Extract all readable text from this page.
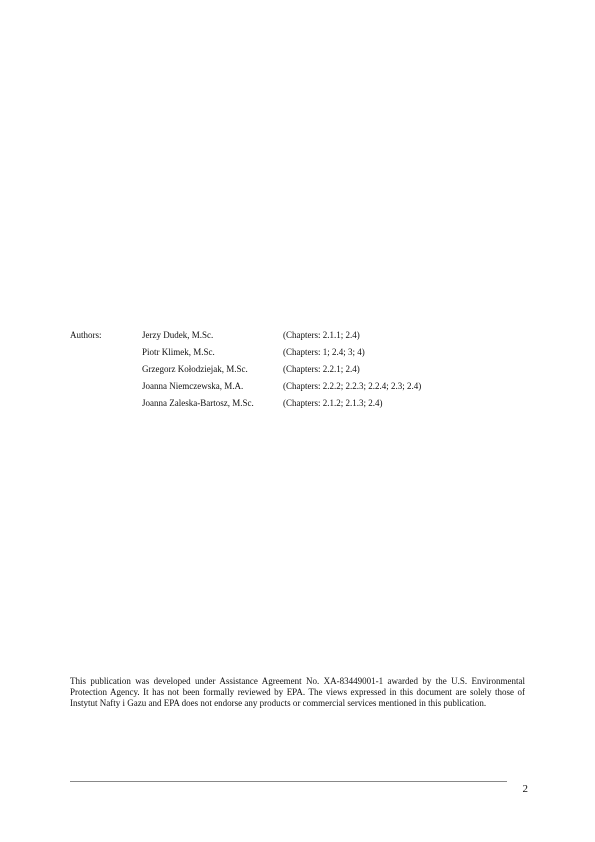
Authors:	Jerzy Dudek, M.Sc.	(Chapters: 2.1.1; 2.4)
Piotr Klimek, M.Sc.	(Chapters: 1; 2.4; 3; 4)
Grzegorz Kołodziejak, M.Sc.	(Chapters: 2.2.1; 2.4)
Joanna Niemczewska, M.A.	(Chapters: 2.2.2; 2.2.3; 2.2.4; 2.3; 2.4)
Joanna Zaleska-Bartosz, M.Sc.	(Chapters: 2.1.2; 2.1.3; 2.4)

This publication was developed under Assistance Agreement No. XA-83449001-1 awarded by the U.S. Environmental Protection Agency. It has not been formally reviewed by EPA. The views expressed in this document are solely those of Instytut Nafty i Gazu and EPA does not endorse any products or commercial services mentioned in this publication.

2
